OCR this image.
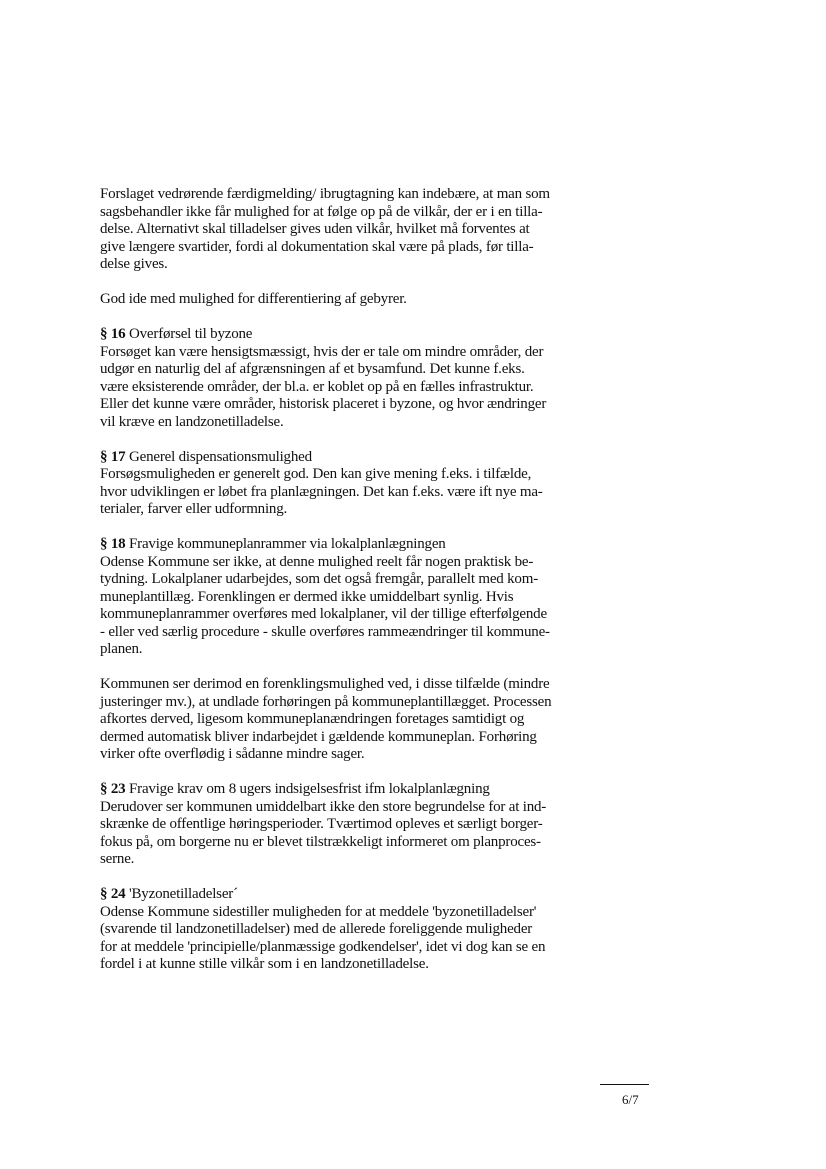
Forslaget vedrørende færdigmelding/ ibrugtagning kan indebære, at man som
sagsbehandler ikke får mulighed for at følge op på de vilkår, der er i en tilla-
delse. Alternativt skal tilladelser gives uden vilkår, hvilket må forventes at
give længere svartider, fordi al dokumentation skal være på plads, før tilla-
delse gives.
God ide med mulighed for differentiering af gebyrer.
§ 16 Overførsel til byzone
Forsøget kan være hensigtsmæssigt, hvis der er tale om mindre områder, der
udgør en naturlig del af afgrænsningen af et bysamfund. Det kunne f.eks.
være eksisterende områder, der bl.a. er koblet op på en fælles infrastruktur.
Eller det kunne være områder, historisk placeret i byzone, og hvor ændringer
vil kræve en landzonetilladelse.
§ 17 Generel dispensationsmulighed
Forsøgsmuligheden er generelt god. Den kan give mening f.eks. i tilfælde,
hvor udviklingen er løbet fra planlægningen. Det kan f.eks. være ift nye ma-
terialer, farver eller udformning.
§ 18 Fravige kommuneplanrammer via lokalplanlægningen
Odense Kommune ser ikke, at denne mulighed reelt får nogen praktisk be-
tydning. Lokalplaner udarbejdes, som det også fremgår, parallelt med kom-
muneplantillæg. Forenklingen er dermed ikke umiddelbart synlig. Hvis
kommuneplanrammer overføres med lokalplaner, vil der tillige efterfølgende
- eller ved særlig procedure - skulle overføres rammeændringer til kommune-
planen.
Kommunen ser derimod en forenklingsmulighed ved, i disse tilfælde (mindre
justeringer mv.), at undlade forhøringen på kommuneplantillægget. Processen
afkortes derved, ligesom kommuneplanændringen foretages samtidigt og
dermed automatisk bliver indarbejdet i gældende kommuneplan. Forhøring
virker ofte overflødig i sådanne mindre sager.
§ 23 Fravige krav om 8 ugers indsigelsesfrist ifm lokalplanlægning
Derudover ser kommunen umiddelbart ikke den store begrundelse for at ind-
skrænke de offentlige høringsperioder. Tværtimod opleves et særligt borger-
fokus på, om borgerne nu er blevet tilstrækkeligt informeret om planproces-
serne.
§ 24 'Byzonetilladelser´
Odense Kommune sidestiller muligheden for at meddele 'byzonetilladelser'
(svarende til landzonetilladelser) med de allerede foreliggende muligheder
for at meddele 'principielle/planmæssige godkendelser', idet vi dog kan se en
fordel i at kunne stille vilkår som i en landzonetilladelse.
6/7
